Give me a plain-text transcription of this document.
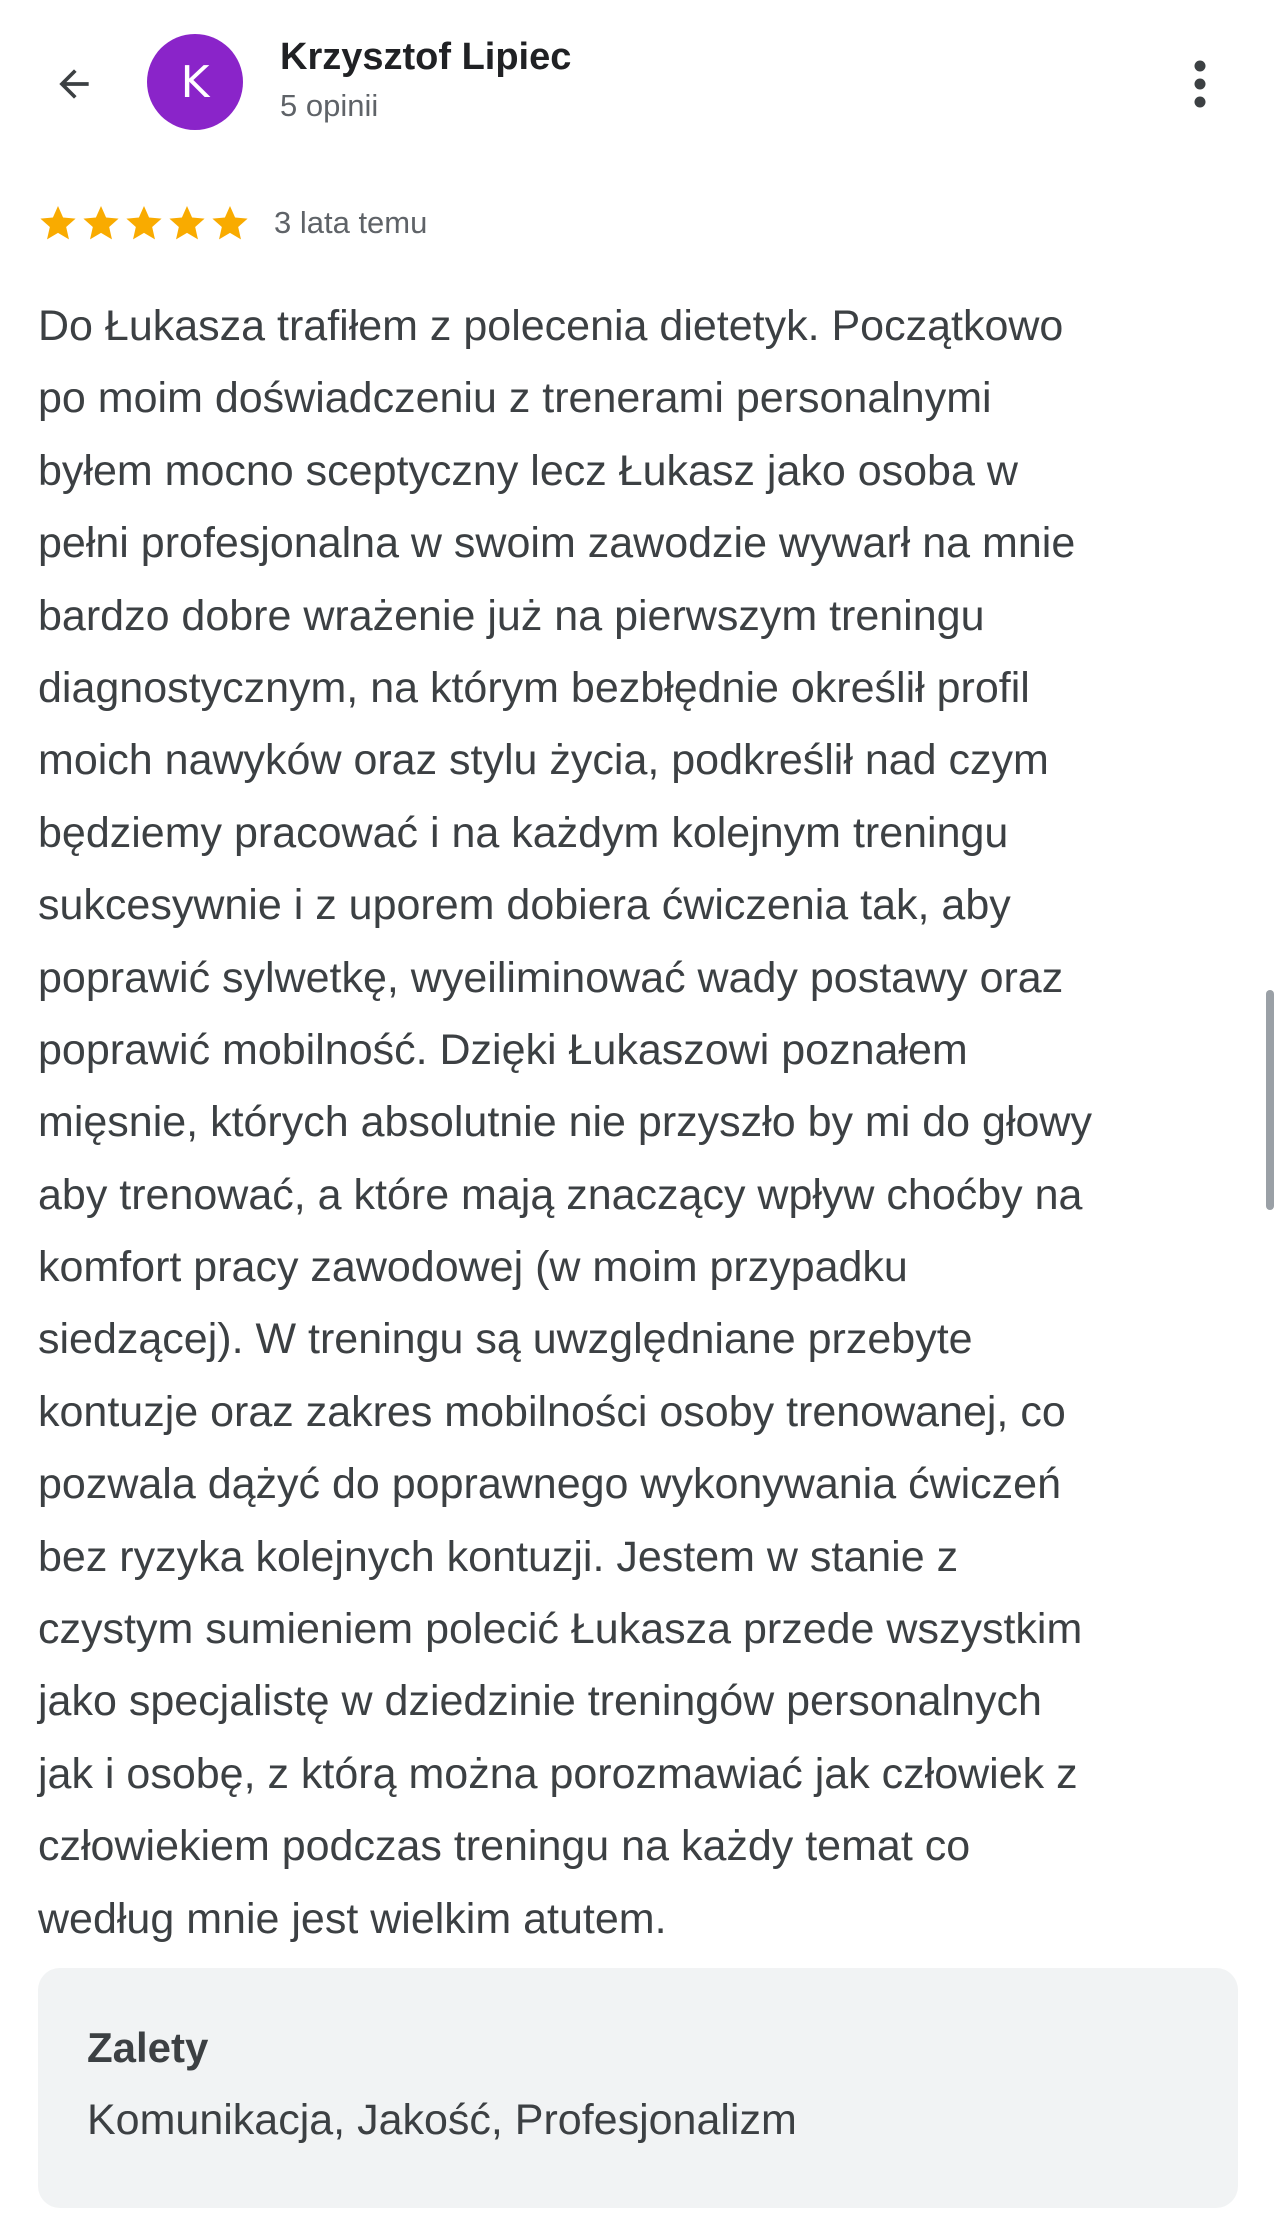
K Krzysztof Lipiec
5 opinii
3 lata temu
Do Łukasza trafiłem z polecenia dietetyk. Początkowo
po moim doświadczeniu z trenerami personalnymi
byłem mocno sceptyczny lecz Łukasz jako osoba w
pełni profesjonalna w swoim zawodzie wywarł na mnie
bardzo dobre wrażenie już na pierwszym treningu
diagnostycznym, na którym bezbłędnie określił profil
moich nawyków oraz stylu życia, podkreślił nad czym
będziemy pracować i na każdym kolejnym treningu
sukcesywnie i z uporem dobiera ćwiczenia tak, aby
poprawić sylwetkę, wyeiliminować wady postawy oraz
poprawić mobilność. Dzięki Łukaszowi poznałem
mięsnie, których absolutnie nie przyszło by mi do głowy
aby trenować, a które mają znaczący wpływ choćby na
komfort pracy zawodowej (w moim przypadku
siedzącej). W treningu są uwzględniane przebyte
kontuzje oraz zakres mobilności osoby trenowanej, co
pozwala dążyć do poprawnego wykonywania ćwiczeń
bez ryzyka kolejnych kontuzji. Jestem w stanie z
czystym sumieniem polecić Łukasza przede wszystkim
jako specjalistę w dziedzinie treningów personalnych
jak i osobę, z którą można porozmawiać jak człowiek z
człowiekiem podczas treningu na każdy temat co
według mnie jest wielkim atutem.
Zalety
Komunikacja, Jakość, Profesjonalizm
